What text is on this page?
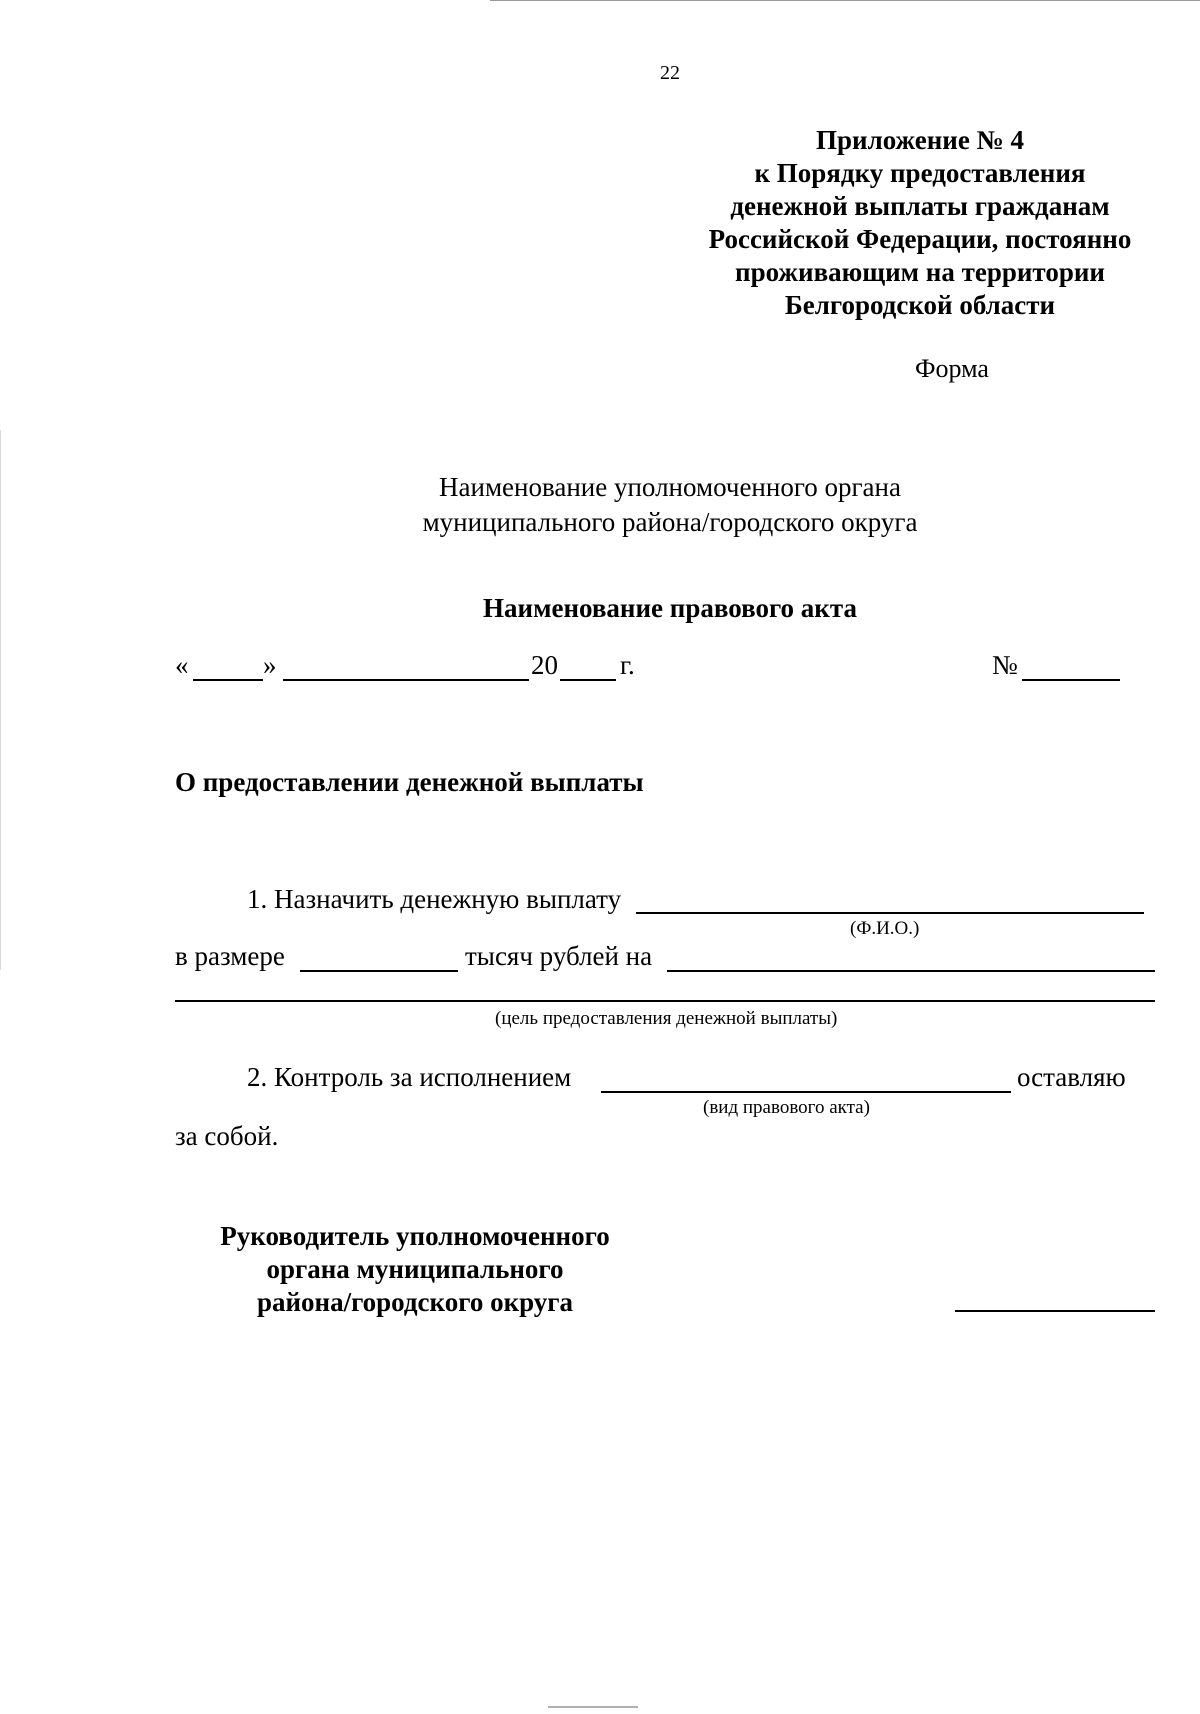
22
Приложение № 4
к Порядку предоставления
денежной выплаты гражданам
Российской Федерации, постоянно
проживающим на территории
Белгородской области
Форма
Наименование уполномоченного органа
муниципального района/городского округа
Наименование правового акта
«	»	20 г.	№
О предоставлении денежной выплаты
1. Назначить денежную выплату
(Ф.И.О.)
в размере	тысяч рублей на
(цель предоставления денежной выплаты)
2. Контроль за исполнением	оставляю
(вид правового акта)
за собой.
Руководитель уполномоченного
органа муниципального
района/городского округа
